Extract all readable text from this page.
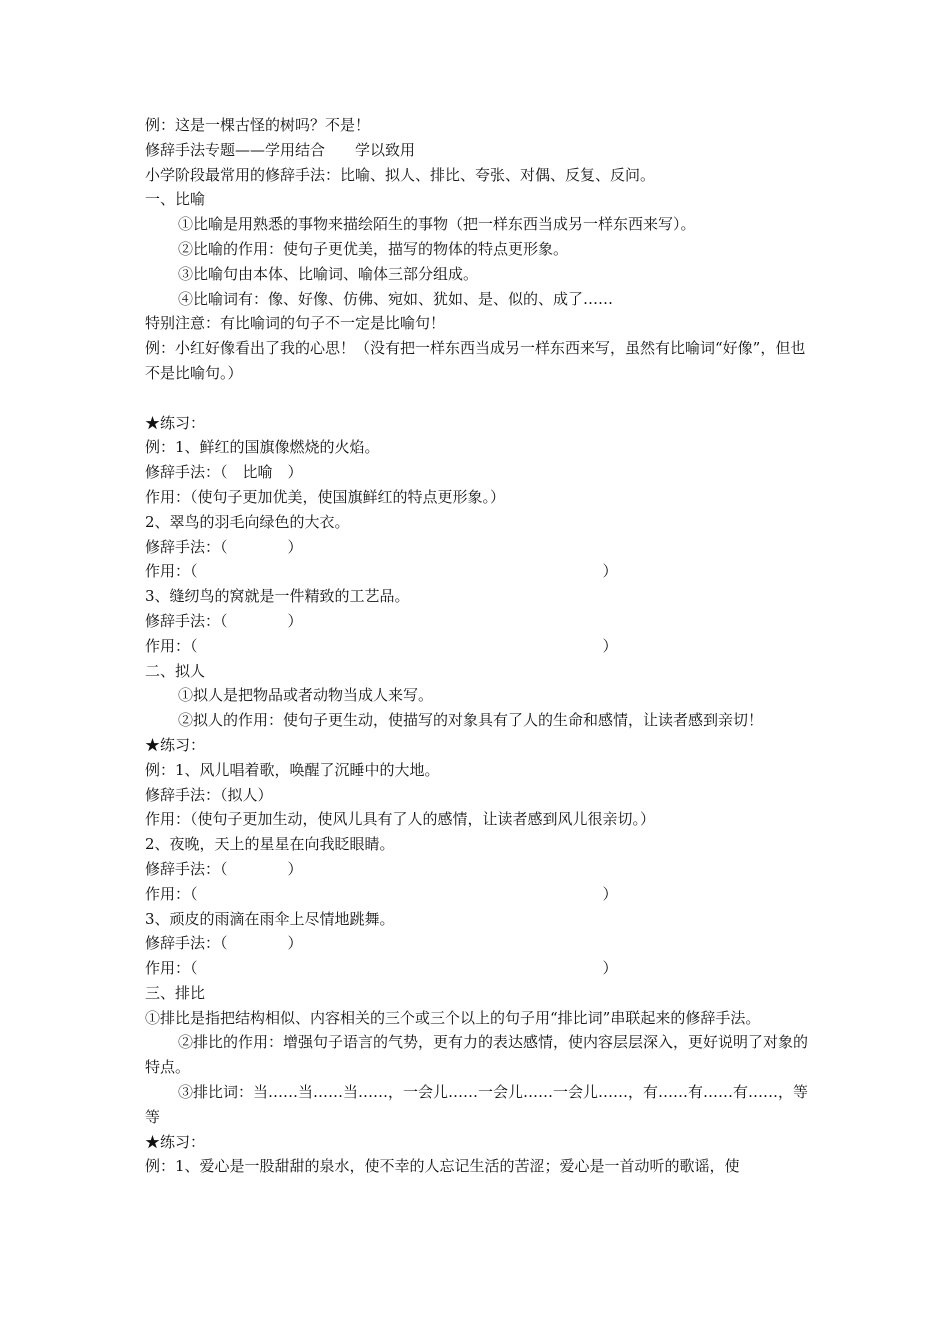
例：这是一棵古怪的树吗？不是！

修辞手法专题——学用结合　　学以致用

小学阶段最常用的修辞手法：比喻、拟人、排比、夸张、对偶、反复、反问。

一、比喻

①比喻是用熟悉的事物来描绘陌生的事物（把一样东西当成另一样东西来写）。

②比喻的作用：使句子更优美，描写的物体的特点更形象。

③比喻句由本体、比喻词、喻体三部分组成。

④比喻词有：像、好像、仿佛、宛如、犹如、是、似的、成了……

特别注意：有比喻词的句子不一定是比喻句！

例：小红好像看出了我的心思！（没有把一样东西当成另一样东西来写，虽然有比喻词“好像”，但也不是比喻句。）

★练习：

例：1、鲜红的国旗像燃烧的火焰。

修辞手法：（　比喻　）

作用：（使句子更加优美，使国旗鲜红的特点更形象。）

2、翠鸟的羽毛向绿色的大衣。

修辞手法：（　　　　）

作用：（　　　　　　　　　　　　　　　　　　　　　　　　　　　）

3、缝纫鸟的窝就是一件精致的工艺品。

修辞手法：（　　　　）

作用：（　　　　　　　　　　　　　　　　　　　　　　　　　　　）

二、拟人

①拟人是把物品或者动物当成人来写。

②拟人的作用：使句子更生动，使描写的对象具有了人的生命和感情，让读者感到亲切！

★练习：

例：1、风儿唱着歌，唤醒了沉睡中的大地。

修辞手法：（拟人）

作用：（使句子更加生动，使风儿具有了人的感情，让读者感到风儿很亲切。）

2、夜晚，天上的星星在向我眨眼睛。

修辞手法：（　　　　）

作用：（　　　　　　　　　　　　　　　　　　　　　　　　　　　）

3、顽皮的雨滴在雨伞上尽情地跳舞。

修辞手法：（　　　　）

作用：（　　　　　　　　　　　　　　　　　　　　　　　　　　　）

三、排比

①排比是指把结构相似、内容相关的三个或三个以上的句子用“排比词”串联起来的修辞手法。

②排比的作用：增强句子语言的气势，更有力的表达感情，使内容层层深入，更好说明了对象的特点。

③排比词：当……当……当……，一会儿……一会儿……一会儿……，有……有……有……，等等

★练习：

例：1、爱心是一股甜甜的泉水，使不幸的人忘记生活的苦涩；爱心是一首动听的歌谣，使
